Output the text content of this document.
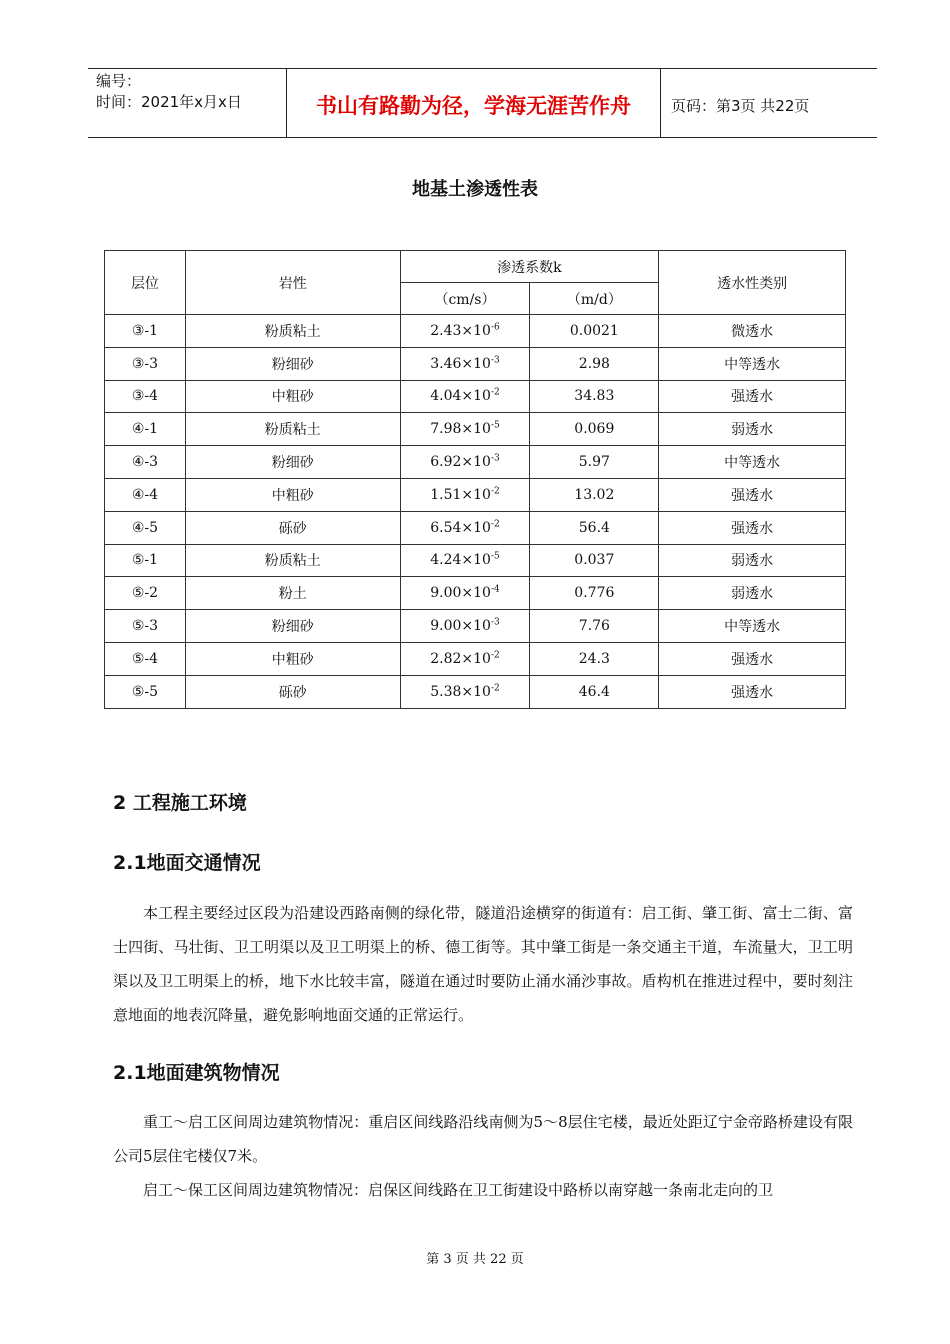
编号：
时间：2021年x月x日	书山有路勤为径，学海无涯苦作舟	页码：第3页 共22页
地基土渗透性表
层位	岩性	渗透系数k		透水性类别
		（cm/s）	（m/d）	
③-1	粉质粘土	$2.43\times 10^{-6}$	0.0021	微透水
③-3	粉细砂	$3.46\times 10^{-3}$	2.98	中等透水
③-4	中粗砂	$4.04\times 10^{-2}$	34.83	强透水
④-1	粉质粘土	$7.98\times 10^{-5}$	0.069	弱透水
④-3	粉细砂	$6.92\times 10^{-3}$	5.97	中等透水
④-4	中粗砂	$1.51\times 10^{-2}$	13.02	强透水
④-5	砾砂	$6.54\times 10^{-2}$	56.4	强透水
⑤-1	粉质粘土	$4.24\times 10^{-5}$	0.037	弱透水
⑤-2	粉土	$9.00\times 10^{-4}$	0.776	弱透水
⑤-3	粉细砂	$9.00\times 10^{-3}$	7.76	中等透水
⑤-4	中粗砂	$2.82\times 10^{-2}$	24.3	强透水
⑤-5	砾砂	$5.38\times 10^{-2}$	46.4	强透水
2 工程施工环境
2.1地面交通情况
本工程主要经过区段为沿建设西路南侧的绿化带，隧道沿途横穿的街道有：启工街、肇工街、富士二街、富士四街、马壮街、卫工明渠以及卫工明渠上的桥、德工街等。其中肇工街是一条交通主干道，车流量大，卫工明渠以及卫工明渠上的桥，地下水比较丰富，隧道在通过时要防止涌水涌沙事故。盾构机在推进过程中，要时刻注意地面的地表沉降量，避免影响地面交通的正常运行。
2.1地面建筑物情况
重工～启工区间周边建筑物情况：重启区间线路沿线南侧为5～8层住宅楼，最近处距辽宁金帝路桥建设有限公司5层住宅楼仅7米。
启工～保工区间周边建筑物情况：启保区间线路在卫工街建设中路桥以南穿越一条南北走向的卫
第 3 页 共 22 页
